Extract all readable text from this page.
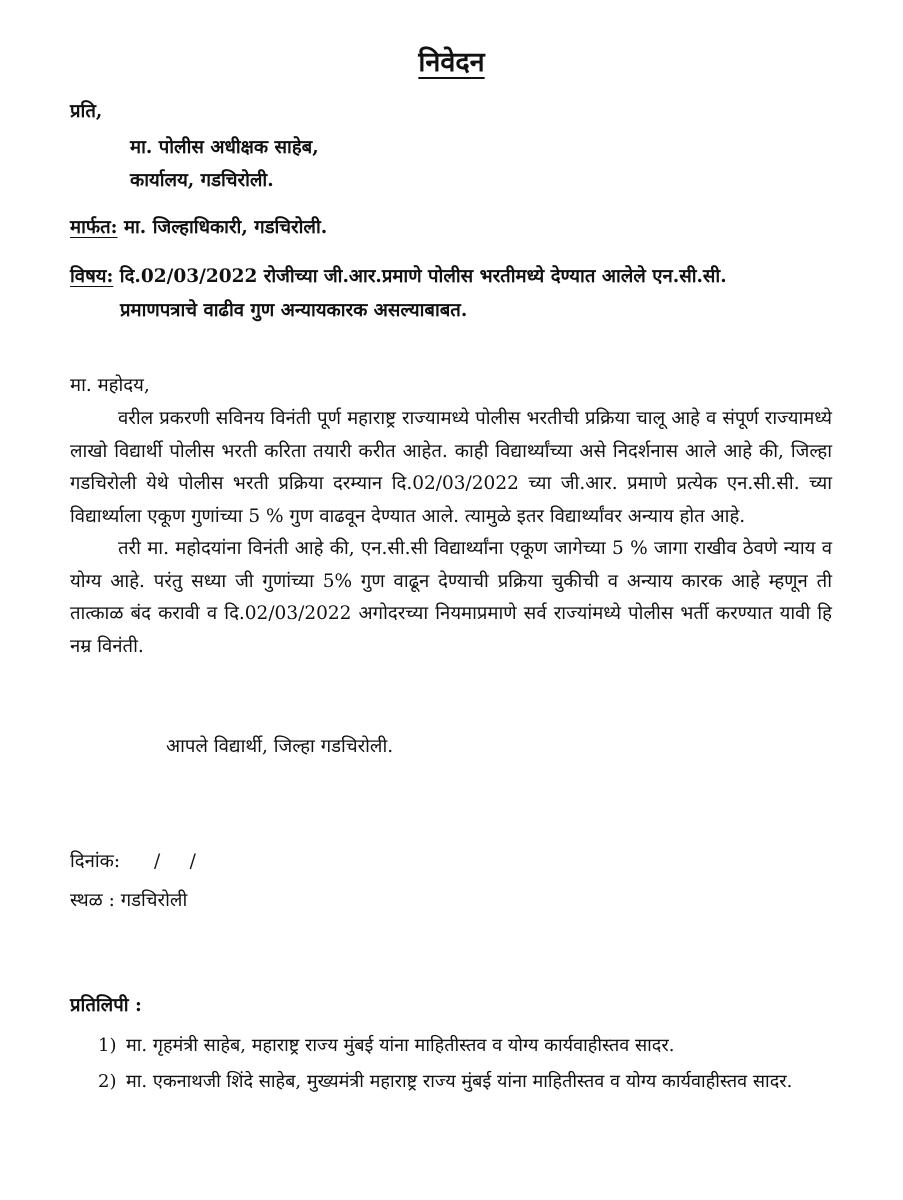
निवेदन
प्रति,
मा. पोलीस अधीक्षक साहेब,
कार्यालय, गडचिरोली.
मार्फत: मा. जिल्हाधिकारी, गडचिरोली.
विषय: दि.02/03/2022 रोजीच्या जी.आर.प्रमाणे पोलीस भरतीमध्ये देण्यात आलेले एन.सी.सी.
प्रमाणपत्राचे वाढीव गुण अन्यायकारक असल्याबाबत.
मा. महोदय,

वरील प्रकरणी सविनय विनंती पूर्ण महाराष्ट्र राज्यामध्ये पोलीस भरतीची प्रक्रिया चालू आहे व संपूर्ण राज्यामध्ये लाखो विद्यार्थी पोलीस भरती करिता तयारी करीत आहेत. काही विद्यार्थ्यांच्या असे निदर्शनास आले आहे की, जिल्हा गडचिरोली येथे पोलीस भरती प्रक्रिया दरम्यान दि.02/03/2022 च्या जी.आर. प्रमाणे प्रत्येक एन.सी.सी. च्या विद्यार्थ्याला एकूण गुणांच्या 5 % गुण वाढवून देण्यात आले. त्यामुळे इतर विद्यार्थ्यांवर अन्याय होत आहे.

तरी मा. महोदयांना विनंती आहे की, एन.सी.सी विद्यार्थ्यांना एकूण जागेच्या 5 % जागा राखीव ठेवणे न्याय व योग्य आहे. परंतु सध्या जी गुणांच्या 5% गुण वाढून देण्याची प्रक्रिया चुकीची व अन्याय कारक आहे म्हणून ती तात्काळ बंद करावी व दि.02/03/2022 अगोदरच्या नियमाप्रमाणे सर्व राज्यांमध्ये पोलीस भर्ती करण्यात यावी हि नम्र विनंती.

आपले विद्यार्थी, जिल्हा गडचिरोली.
दिनांक: /     /
स्थळ : गडचिरोली
प्रतिलिपी :
1) मा. गृहमंत्री साहेब, महाराष्ट्र राज्य मुंबई यांना माहितीस्तव व योग्य कार्यवाहीस्तव सादर.
2) मा. एकनाथजी शिंदे साहेब, मुख्यमंत्री महाराष्ट्र राज्य मुंबई यांना माहितीस्तव व योग्य कार्यवाहीस्तव सादर.
